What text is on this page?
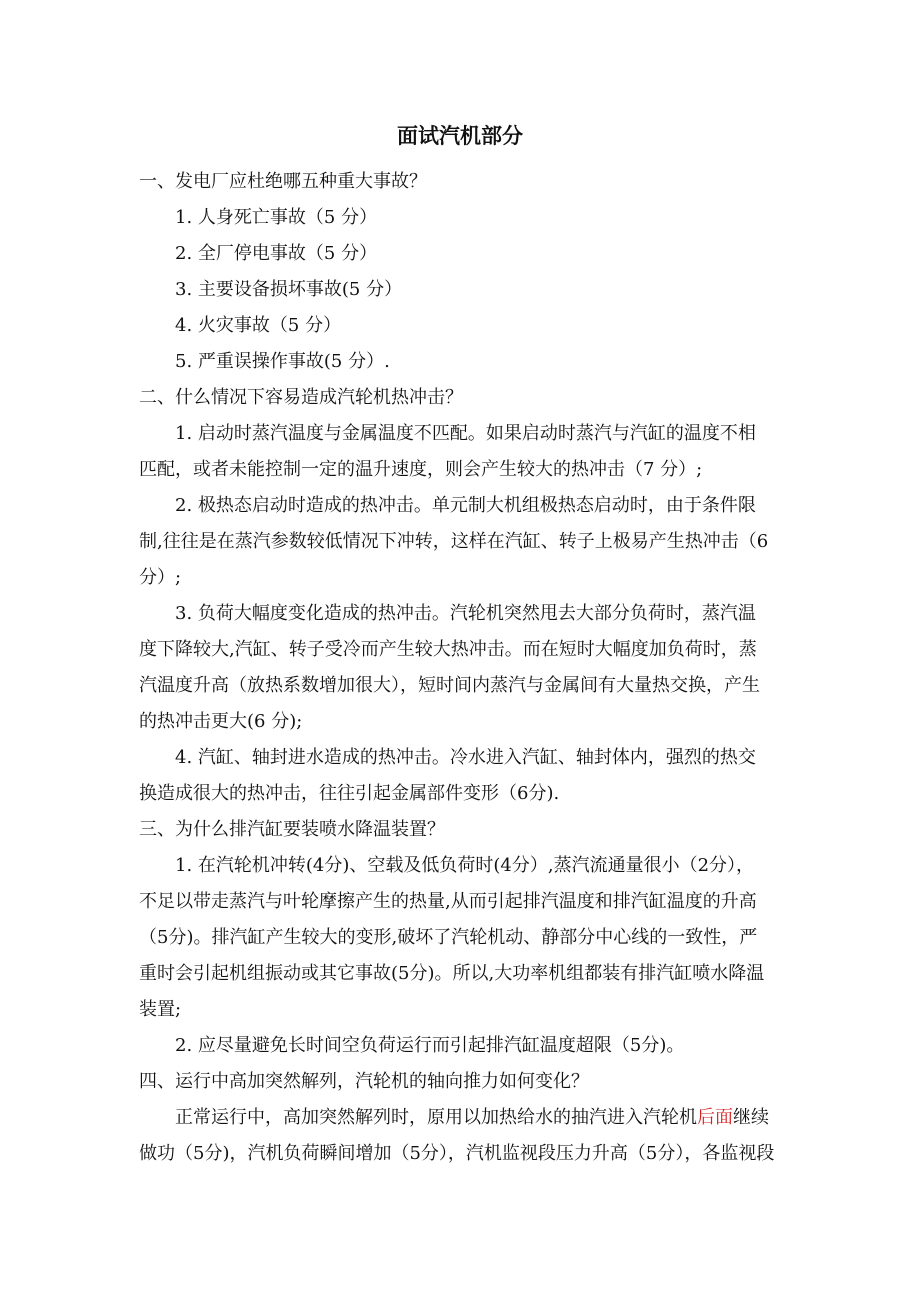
面试汽机部分
一、发电厂应杜绝哪五种重大事故？
1. 人身死亡事故（5 分）
2. 全厂停电事故（5 分）
3. 主要设备损坏事故(5 分）
4. 火灾事故（5 分）
5. 严重误操作事故(5 分）.
二、什么情况下容易造成汽轮机热冲击？
1. 启动时蒸汽温度与金属温度不匹配。如果启动时蒸汽与汽缸的温度不相
匹配，或者未能控制一定的温升速度，则会产生较大的热冲击（7 分）;
2. 极热态启动时造成的热冲击。单元制大机组极热态启动时，由于条件限
制,往往是在蒸汽参数较低情况下冲转，这样在汽缸、转子上极易产生热冲击（6
分）;
3. 负荷大幅度变化造成的热冲击。汽轮机突然甩去大部分负荷时，蒸汽温
度下降较大,汽缸、转子受冷而产生较大热冲击。而在短时大幅度加负荷时，蒸
汽温度升高（放热系数增加很大），短时间内蒸汽与金属间有大量热交换，产生
的热冲击更大(6 分);
4. 汽缸、轴封进水造成的热冲击。冷水进入汽缸、轴封体内，强烈的热交
换造成很大的热冲击，往往引起金属部件变形（6分).
三、为什么排汽缸要装喷水降温装置？
1. 在汽轮机冲转(4分)、空载及低负荷时(4分）,蒸汽流通量很小（2分），
不足以带走蒸汽与叶轮摩擦产生的热量,从而引起排汽温度和排汽缸温度的升高
（5分)。排汽缸产生较大的变形,破坏了汽轮机动、静部分中心线的一致性，严
重时会引起机组振动或其它事故(5分)。所以,大功率机组都装有排汽缸喷水降温
装置;
2. 应尽量避免长时间空负荷运行而引起排汽缸温度超限（5分)。
四、运行中高加突然解列，汽轮机的轴向推力如何变化？
正常运行中，高加突然解列时，原用以加热给水的抽汽进入汽轮机后面继续
做功（5分)，汽机负荷瞬间增加（5分），汽机监视段压力升高（5分），各监视段
